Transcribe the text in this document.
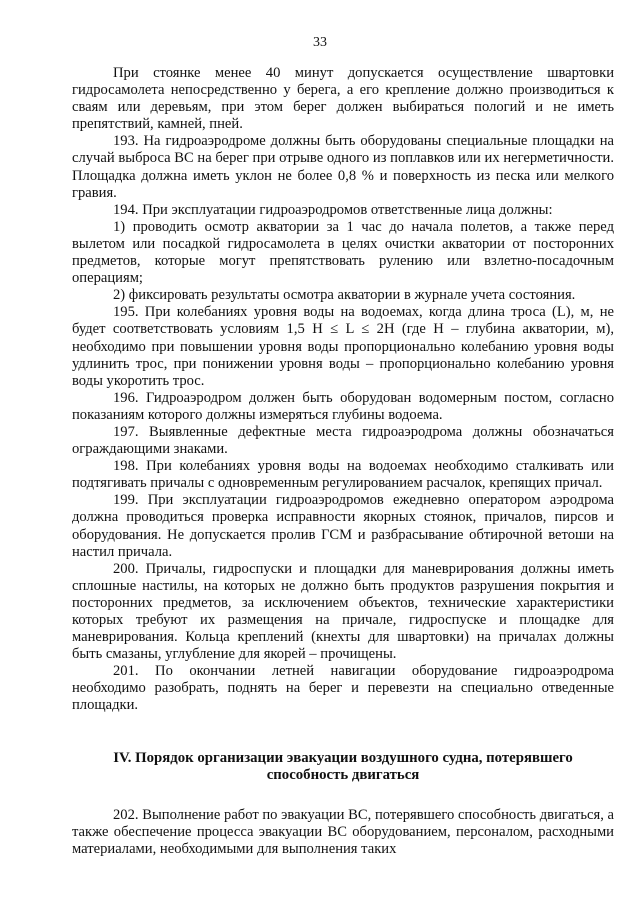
33

При стоянке менее 40 минут допускается осуществление швартовки гидросамолета непосредственно у берега, а его крепление должно производиться к сваям или деревьям, при этом берег должен выбираться пологий и не иметь препятствий, камней, пней.

193. На гидроаэродроме должны быть оборудованы специальные площадки на случай выброса ВС на берег при отрыве одного из поплавков или их негерметичности. Площадка должна иметь уклон не более 0,8 % и поверхность из песка или мелкого гравия.

194. При эксплуатации гидроаэродромов ответственные лица должны:

1) проводить осмотр акватории за 1 час до начала полетов, а также перед вылетом или посадкой гидросамолета в целях очистки акватории от посторонних предметов, которые могут препятствовать рулению или взлетно-посадочным операциям;

2) фиксировать результаты осмотра акватории в журнале учета состояния.

195. При колебаниях уровня воды на водоемах, когда длина троса (L), м, не будет соответствовать условиям 1,5 Н ≤ L ≤ 2Н (где Н – глубина акватории, м), необходимо при повышении уровня воды пропорционально колебанию уровня воды удлинить трос, при понижении уровня воды – пропорционально колебанию уровня воды укоротить трос.

196. Гидроаэродром должен быть оборудован водомерным постом, согласно показаниям которого должны измеряться глубины водоема.

197. Выявленные дефектные места гидроаэродрома должны обозначаться ограждающими знаками.

198. При колебаниях уровня воды на водоемах необходимо сталкивать или подтягивать причалы с одновременным регулированием расчалок, крепящих причал.

199. При эксплуатации гидроаэродромов ежедневно оператором аэродрома должна проводиться проверка исправности якорных стоянок, причалов, пирсов и оборудования. Не допускается пролив ГСМ и разбрасывание обтирочной ветоши на настил причала.

200. Причалы, гидроспуски и площадки для маневрирования должны иметь сплошные настилы, на которых не должно быть продуктов разрушения покрытия и посторонних предметов, за исключением объектов, технические характеристики которых требуют их размещения на причале, гидроспуске и площадке для маневрирования. Кольца креплений (кнехты для швартовки) на причалах должны быть смазаны, углубление для якорей – прочищены.

201. По окончании летней навигации оборудование гидроаэродрома необходимо разобрать, поднять на берег и перевезти на специально отведенные площадки.

IV. Порядок организации эвакуации воздушного судна, потерявшего
способность двигаться

202. Выполнение работ по эвакуации ВС, потерявшего способность двигаться, а также обеспечение процесса эвакуации ВС оборудованием, персоналом, расходными материалами, необходимыми для выполнения таких
